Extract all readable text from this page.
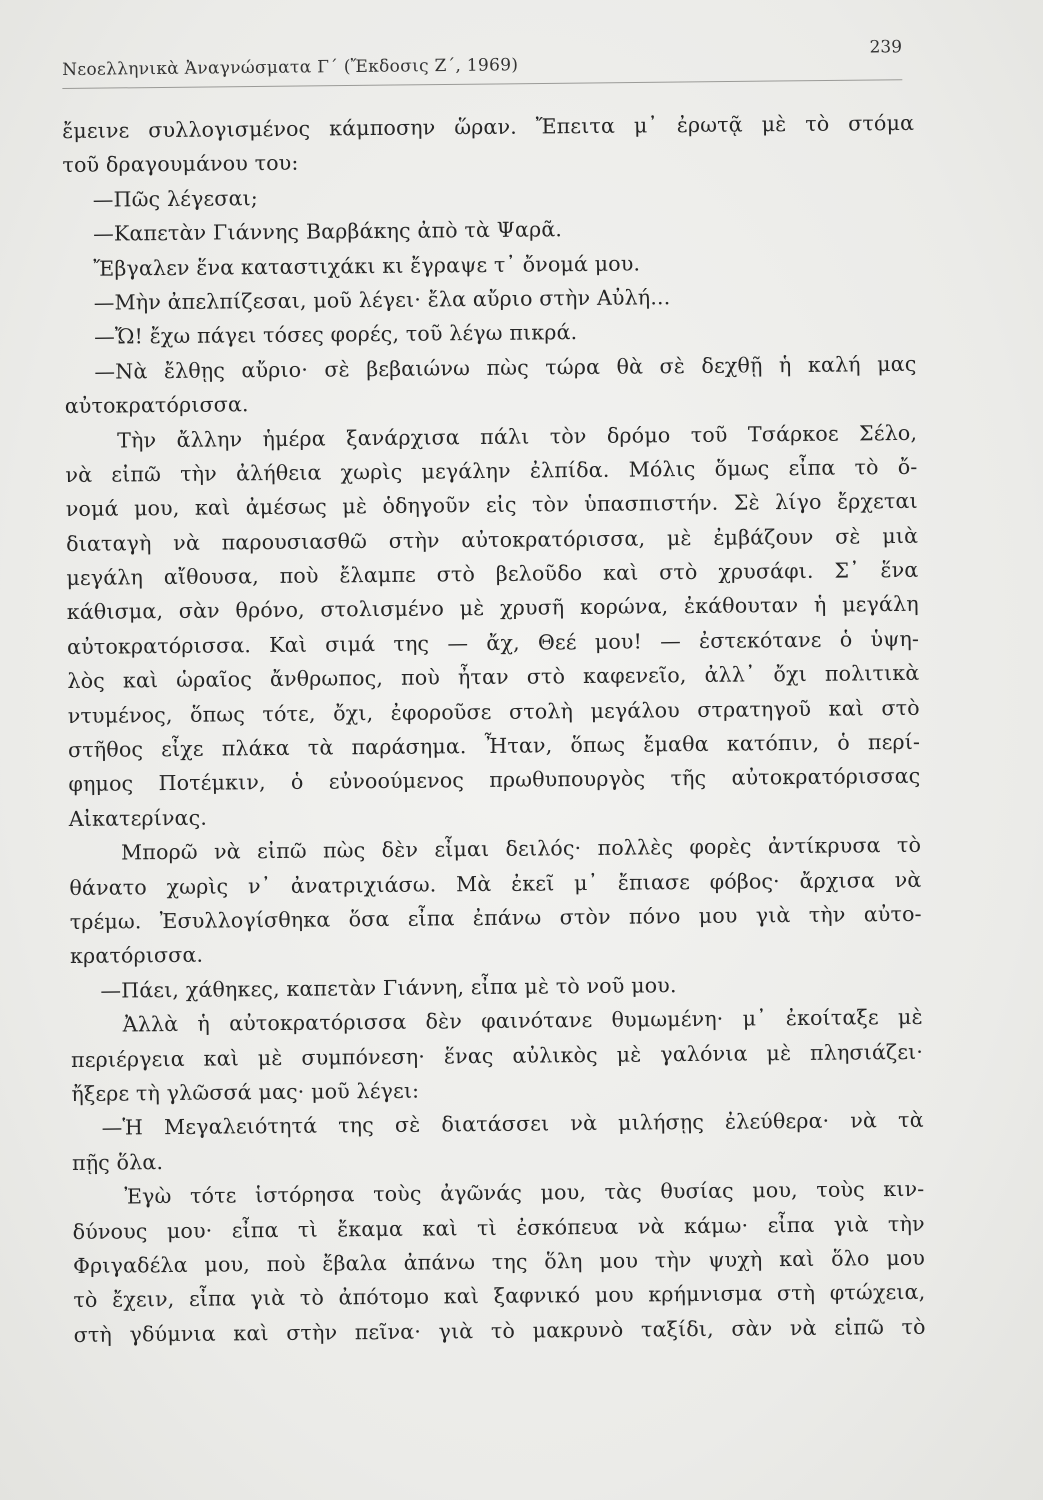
Νεοελληνικὰ Ἀναγνώσματα Γ΄ (Ἔκδοσις Ζ΄, 1969)
239
ἔμεινε συλλογισμένος κάμποσην ὥραν. Ἔπειτα μ᾽ ἐρωτᾷ μὲ τὸ στόμα
τοῦ δραγουμάνου του:
—Πῶς λέγεσαι;
—Καπετὰν Γιάννης Βαρβάκης ἀπὸ τὰ Ψαρᾶ.
Ἔβγαλεν ἕνα καταστιχάκι κι ἔγραψε τ᾽ ὄνομά μου.
—Μὴν ἀπελπίζεσαι, μοῦ λέγει· ἔλα αὔριο στὴν Αὐλή...
—Ὤ! ἔχω πάγει τόσες φορές, τοῦ λέγω πικρά.
—Νὰ ἔλθῃς αὔριο· σὲ βεβαιώνω πὼς τώρα θὰ σὲ δεχθῇ ἡ καλή μας
αὐτοκρατόρισσα.
Τὴν ἄλλην ἡμέρα ξανάρχισα πάλι τὸν δρόμο τοῦ Τσάρκοε Σέλο,
νὰ εἰπῶ τὴν ἀλήθεια χωρὶς μεγάλην ἐλπίδα. Μόλις ὅμως εἶπα τὸ ὄ-
νομά μου, καὶ ἀμέσως μὲ ὁδηγοῦν εἰς τὸν ὑπασπιστήν. Σὲ λίγο ἔρχεται
διαταγὴ νὰ παρουσιασθῶ στὴν αὐτοκρατόρισσα, μὲ ἐμβάζουν σὲ μιὰ
μεγάλη αἴθουσα, ποὺ ἔλαμπε στὸ βελοῦδο καὶ στὸ χρυσάφι. Σ᾽ ἕνα
κάθισμα, σὰν θρόνο, στολισμένο μὲ χρυσῆ κορώνα, ἐκάθουταν ἡ μεγάλη
αὐτοκρατόρισσα. Καὶ σιμά της — ἄχ, Θεέ μου! — ἐστεκότανε ὁ ὑψη-
λὸς καὶ ὡραῖος ἄνθρωπος, ποὺ ἦταν στὸ καφενεῖο, ἀλλ᾽ ὄχι πολιτικὰ
ντυμένος, ὅπως τότε, ὄχι, ἐφοροῦσε στολὴ μεγάλου στρατηγοῦ καὶ στὸ
στῆθος εἶχε πλάκα τὰ παράσημα. Ἦταν, ὅπως ἔμαθα κατόπιν, ὁ περί-
φημος Ποτέμκιν, ὁ εὐνοούμενος πρωθυπουργὸς τῆς αὐτοκρατόρισσας
Αἰκατερίνας.
Μπορῶ νὰ εἰπῶ πὼς δὲν εἶμαι δειλός· πολλὲς φορὲς ἀντίκρυσα τὸ
θάνατο χωρὶς ν᾽ ἀνατριχιάσω. Μὰ ἐκεῖ μ᾽ ἔπιασε φόβος· ἄρχισα νὰ
τρέμω. Ἐσυλλογίσθηκα ὅσα εἶπα ἐπάνω στὸν πόνο μου γιὰ τὴν αὐτο-
κρατόρισσα.
—Πάει, χάθηκες, καπετὰν Γιάννη, εἶπα μὲ τὸ νοῦ μου.
Ἀλλὰ ἡ αὐτοκρατόρισσα δὲν φαινότανε θυμωμένη· μ᾽ ἐκοίταξε μὲ
περιέργεια καὶ μὲ συμπόνεση· ἕνας αὐλικὸς μὲ γαλόνια μὲ πλησιάζει·
ἤξερε τὴ γλῶσσά μας· μοῦ λέγει:
—Ἡ Μεγαλειότητά της σὲ διατάσσει νὰ μιλήσῃς ἐλεύθερα· νὰ τὰ
πῇς ὅλα.
Ἐγὼ τότε ἱστόρησα τοὺς ἀγῶνάς μου, τὰς θυσίας μου, τοὺς κιν-
δύνους μου· εἶπα τὶ ἔκαμα καὶ τὶ ἐσκόπευα νὰ κάμω· εἶπα γιὰ τὴν
Φριγαδέλα μου, ποὺ ἔβαλα ἀπάνω της ὅλη μου τὴν ψυχὴ καὶ ὅλο μου
τὸ ἔχειν, εἶπα γιὰ τὸ ἀπότομο καὶ ξαφνικό μου κρήμνισμα στὴ φτώχεια,
στὴ γδύμνια καὶ στὴν πεῖνα· γιὰ τὸ μακρυνὸ ταξίδι, σὰν νὰ εἰπῶ τὸ
